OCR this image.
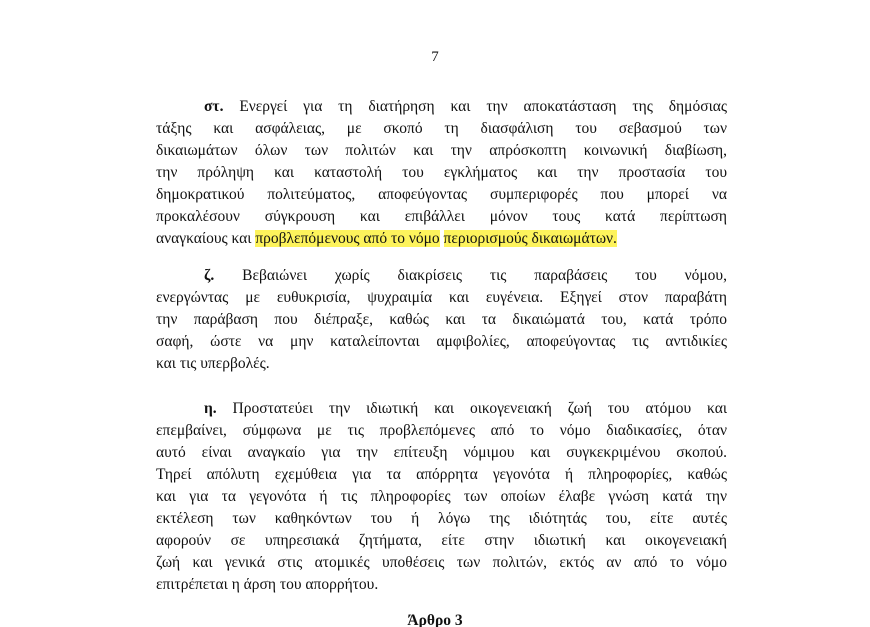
7
στ. Ενεργεί για τη διατήρηση και την αποκατάσταση της δημόσιας
τάξης και ασφάλειας, με σκοπό τη διασφάλιση του σεβασμού των
δικαιωμάτων όλων των πολιτών και την απρόσκοπτη κοινωνική διαβίωση,
την πρόληψη και καταστολή του εγκλήματος και την προστασία του
δημοκρατικού πολιτεύματος, αποφεύγοντας συμπεριφορές που μπορεί να
προκαλέσουν σύγκρουση και επιβάλλει μόνον τους κατά περίπτωση
αναγκαίους και προβλεπόμενους από το νόμο περιορισμούς δικαιωμάτων.
ζ. Βεβαιώνει χωρίς διακρίσεις τις παραβάσεις του νόμου,
ενεργώντας με ευθυκρισία, ψυχραιμία και ευγένεια. Εξηγεί στον παραβάτη
την παράβαση που διέπραξε, καθώς και τα δικαιώματά του, κατά τρόπο
σαφή, ώστε να μην καταλείπονται αμφιβολίες, αποφεύγοντας τις αντιδικίες
και τις υπερβολές.
η. Προστατεύει την ιδιωτική και οικογενειακή ζωή του ατόμου και
επεμβαίνει, σύμφωνα με τις προβλεπόμενες από το νόμο διαδικασίες, όταν
αυτό είναι αναγκαίο για την επίτευξη νόμιμου και συγκεκριμένου σκοπού.
Τηρεί απόλυτη εχεμύθεια για τα απόρρητα γεγονότα ή πληροφορίες, καθώς
και για τα γεγονότα ή τις πληροφορίες των οποίων έλαβε γνώση κατά την
εκτέλεση των καθηκόντων του ή λόγω της ιδιότητάς του, είτε αυτές
αφορούν σε υπηρεσιακά ζητήματα, είτε στην ιδιωτική και οικογενειακή
ζωή και γενικά στις ατομικές υποθέσεις των πολιτών, εκτός αν από το νόμο
επιτρέπεται η άρση του απορρήτου.
Άρθρο 3
